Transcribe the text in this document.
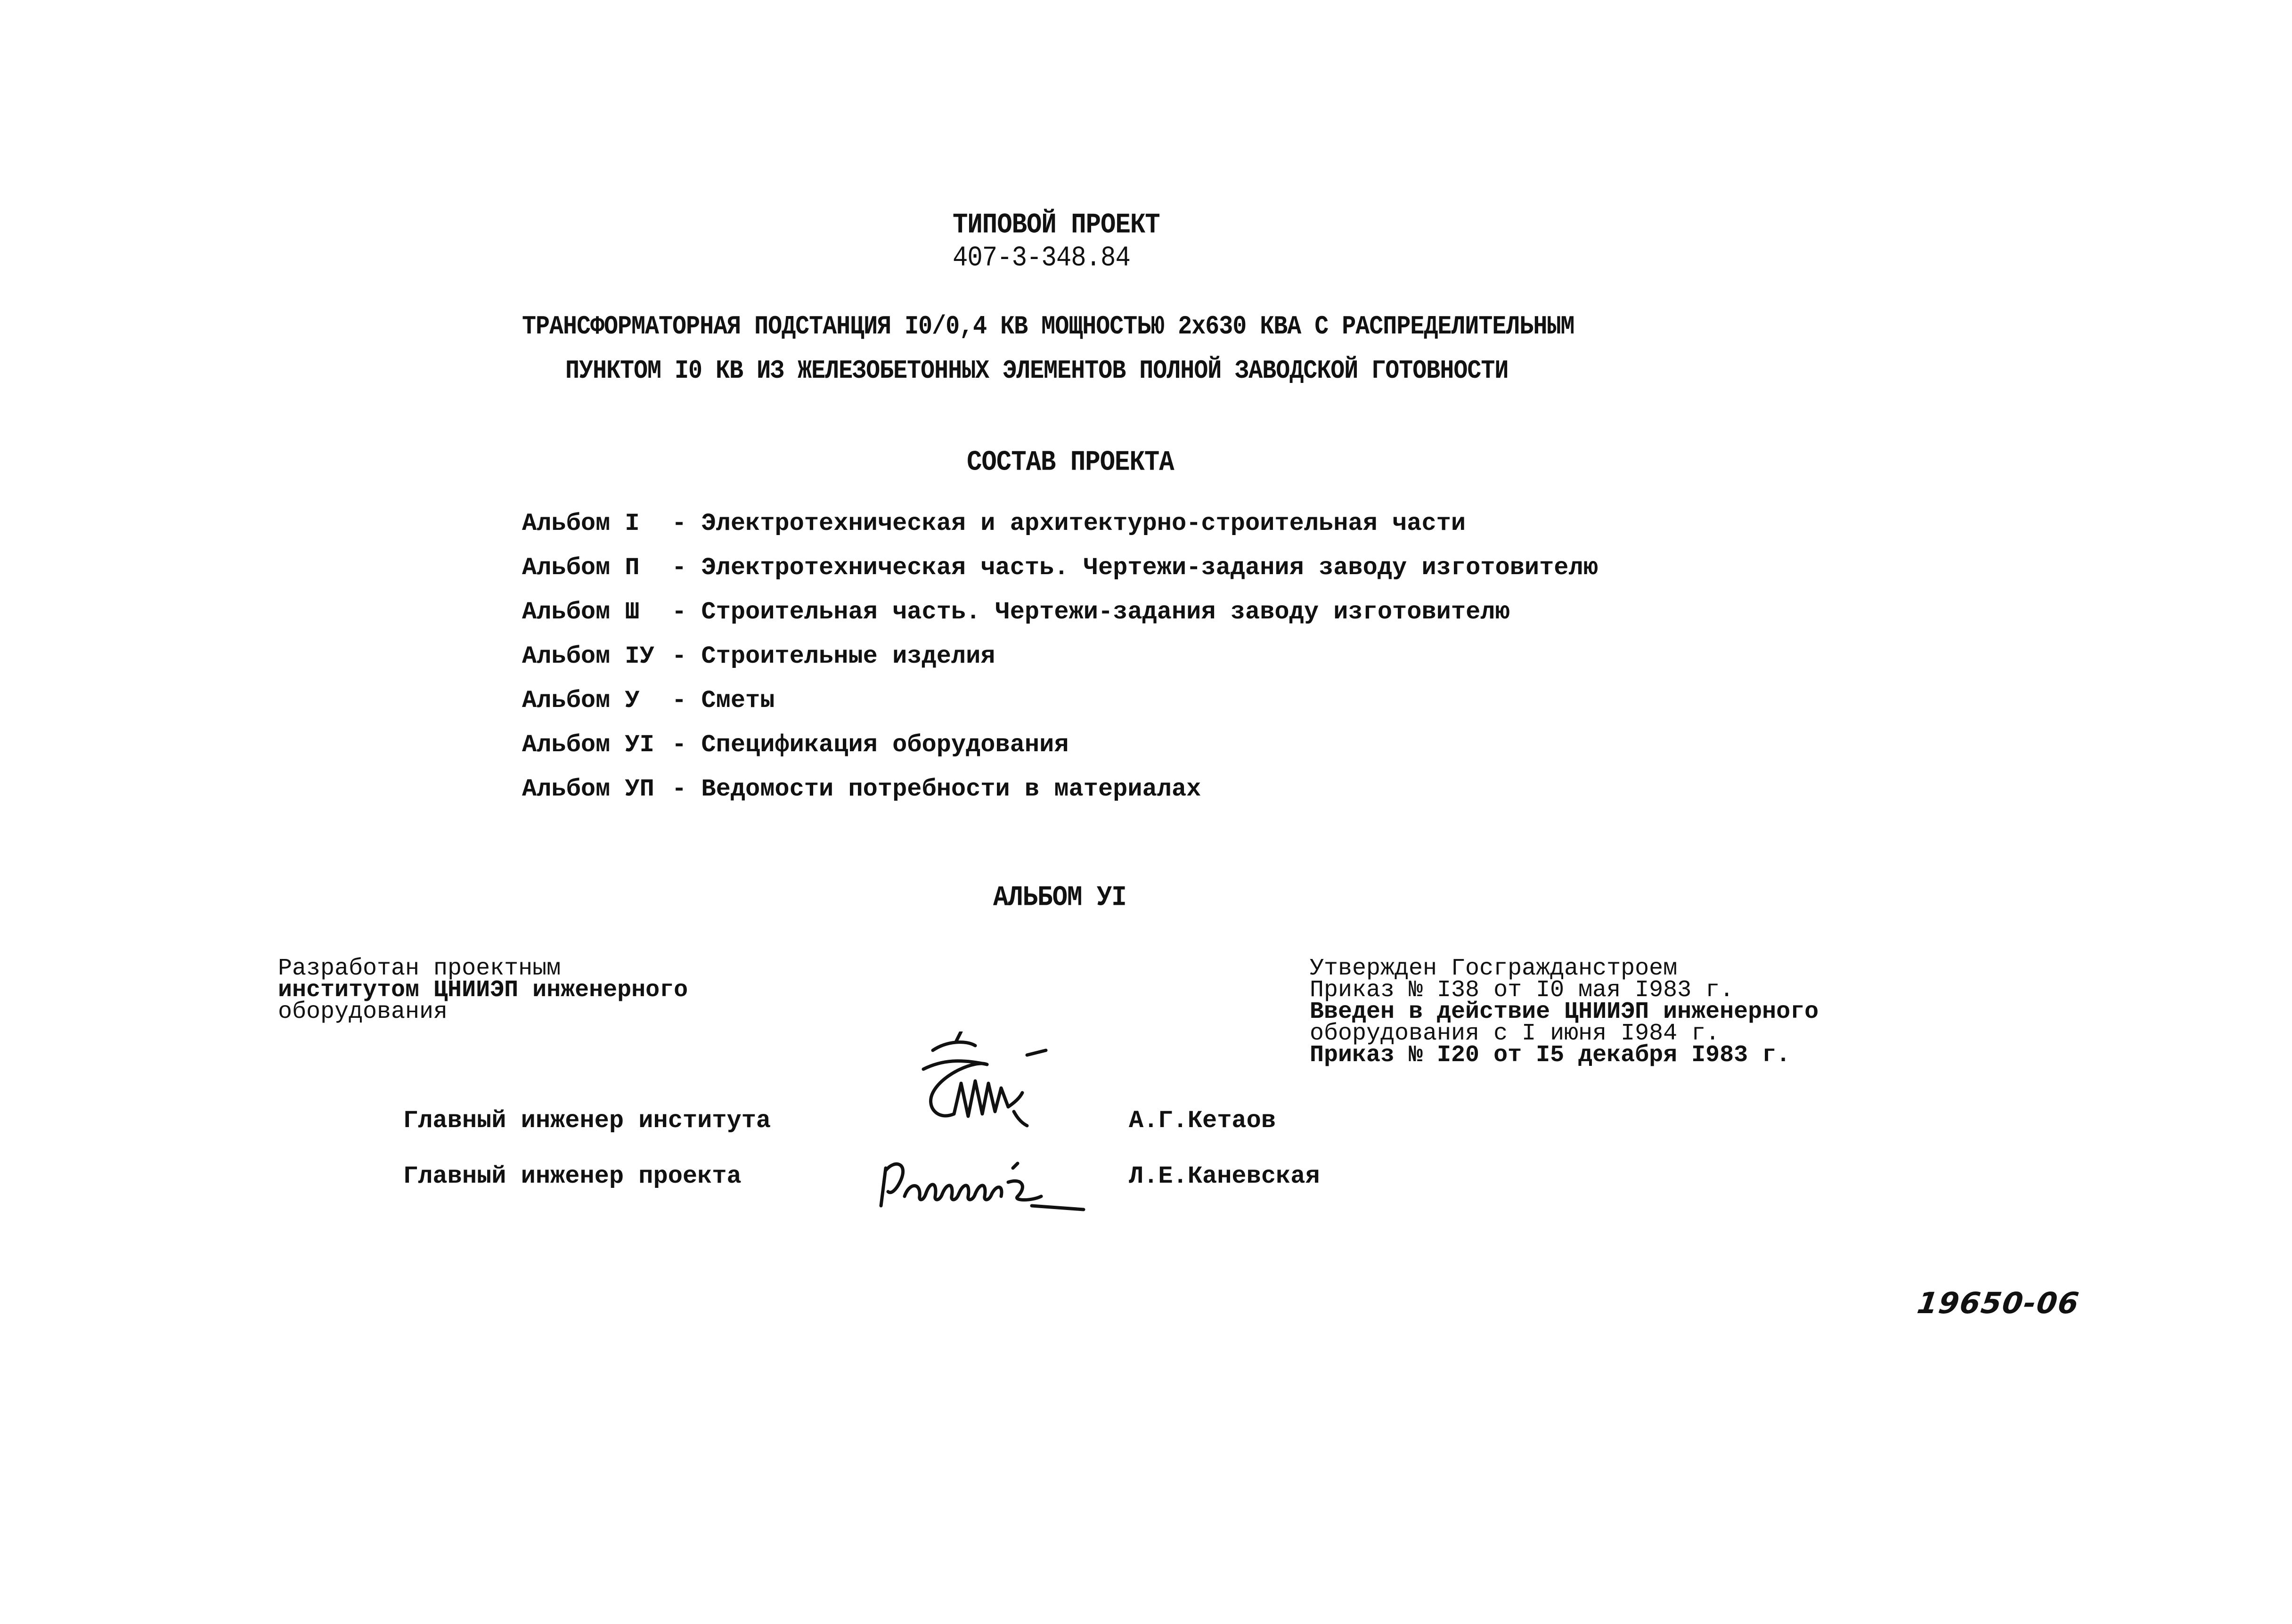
ТИПОВОЙ ПРОЕКТ
407-3-348.84
ТРАНСФОРМАТОРНАЯ ПОДСТАНЦИЯ I0/0,4 КВ МОЩНОСТЬЮ 2х630 КВА С РАСПРЕДЕЛИТЕЛЬНЫМ
ПУНКТОМ I0 КВ ИЗ ЖЕЛЕЗОБЕТОННЫХ ЭЛЕМЕНТОВ ПОЛНОЙ ЗАВОДСКОЙ ГОТОВНОСТИ
СОСТАВ ПРОЕКТА
Альбом I - Электротехническая и архитектурно-строительная части
Альбом П - Электротехническая часть. Чертежи-задания заводу изготовителю
Альбом Ш - Строительная часть. Чертежи-задания заводу изготовителю
Альбом IУ - Строительные изделия
Альбом У - Сметы
Альбом УI - Спецификация оборудования
Альбом УП - Ведомости потребности в материалах
АЛЬБОМ УI
Разработан проектным
институтом ЦНИИЭП инженерного
оборудования
Утвержден Госгражданстроем
Приказ № I38 от I0 мая I983 г.
Введен в действие ЦНИИЭП инженерного
оборудования с I июня I984 г.
Приказ № I20 от I5 декабря I983 г.
Главный инженер института	А.Г.Кетаов
Главный инженер проекта	Л.Е.Каневская
19650-06
